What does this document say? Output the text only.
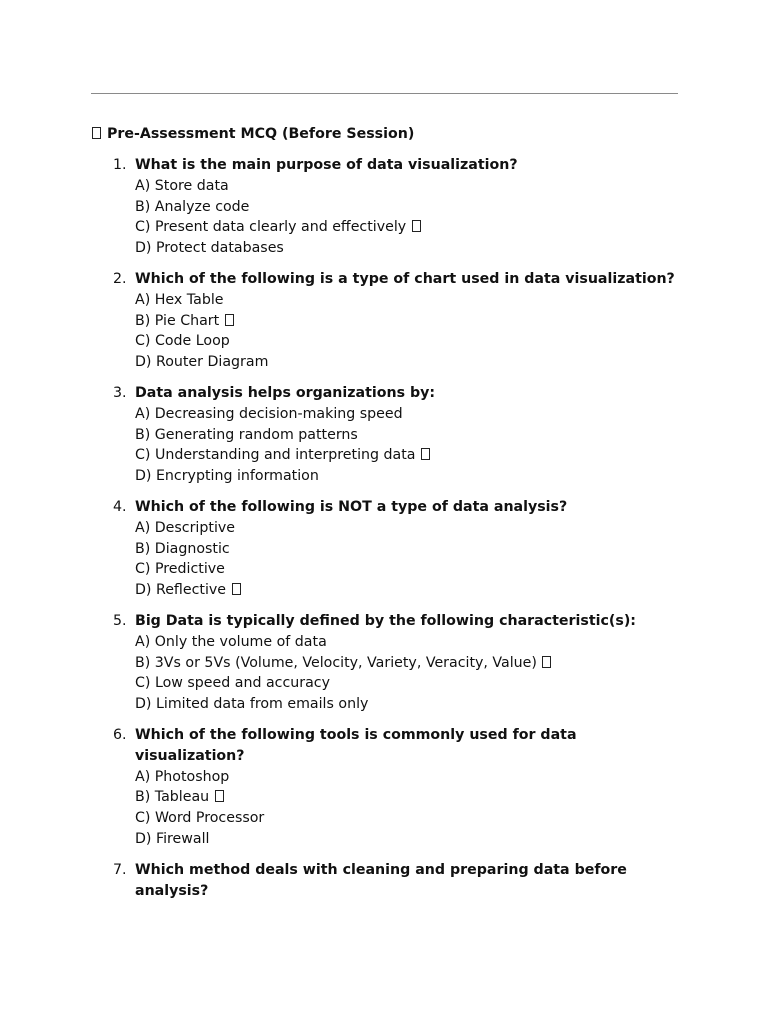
Pre-Assessment MCQ (Before Session)
1. What is the main purpose of data visualization?
A) Store data
B) Analyze code
C) Present data clearly and effectively
D) Protect databases
2. Which of the following is a type of chart used in data visualization?
A) Hex Table
B) Pie Chart
C) Code Loop
D) Router Diagram
3. Data analysis helps organizations by:
A) Decreasing decision-making speed
B) Generating random patterns
C) Understanding and interpreting data
D) Encrypting information
4. Which of the following is NOT a type of data analysis?
A) Descriptive
B) Diagnostic
C) Predictive
D) Reflective
5. Big Data is typically defined by the following characteristic(s):
A) Only the volume of data
B) 3Vs or 5Vs (Volume, Velocity, Variety, Veracity, Value)
C) Low speed and accuracy
D) Limited data from emails only
6. Which of the following tools is commonly used for data visualization?
A) Photoshop
B) Tableau
C) Word Processor
D) Firewall
7. Which method deals with cleaning and preparing data before analysis?
